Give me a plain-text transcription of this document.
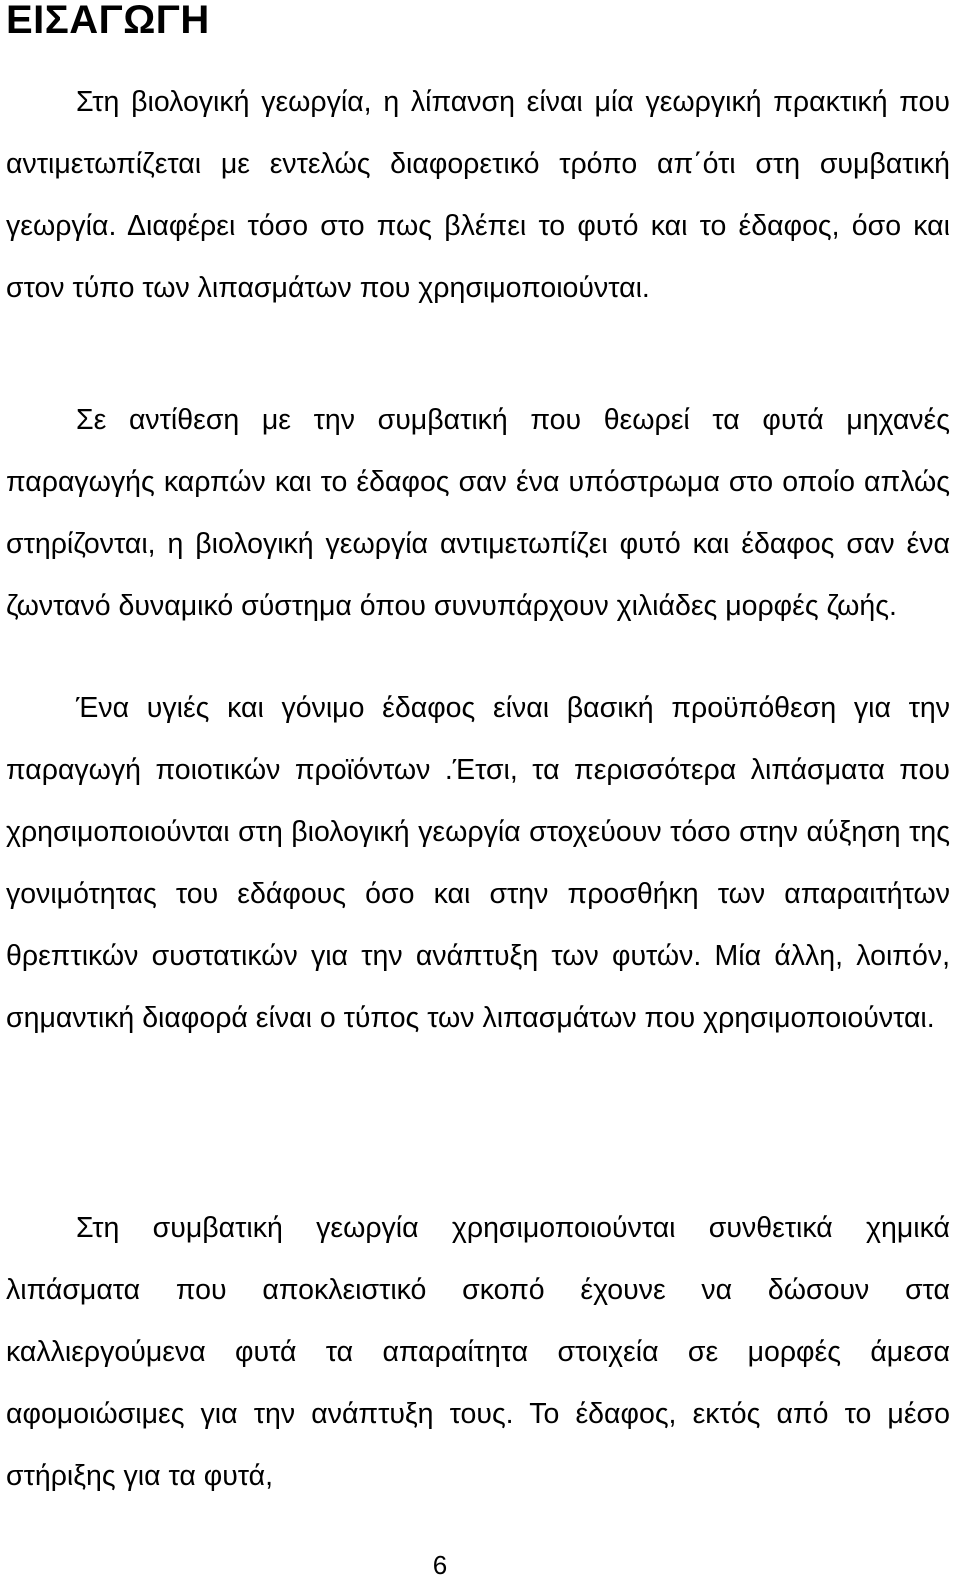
ΕΙΣΑΓΩΓΗ

Στη βιολογική γεωργία, η λίπανση είναι μία γεωργική πρακτική που αντιμετωπίζεται με εντελώς διαφορετικό τρόπο απ΄ότι στη συμβατική γεωργία. Διαφέρει τόσο στο πως βλέπει το φυτό και το έδαφος, όσο και στον τύπο των λιπασμάτων που χρησιμοποιούνται.

Σε αντίθεση με την συμβατική που θεωρεί τα φυτά μηχανές παραγωγής καρπών και το έδαφος σαν ένα υπόστρωμα στο οποίο απλώς στηρίζονται, η βιολογική γεωργία αντιμετωπίζει φυτό και έδαφος σαν ένα ζωντανό δυναμικό σύστημα όπου συνυπάρχουν χιλιάδες μορφές ζωής.

Ένα υγιές και γόνιμο έδαφος είναι βασική προϋπόθεση για την παραγωγή ποιοτικών προϊόντων .Έτσι, τα περισσότερα λιπάσματα που χρησιμοποιούνται στη βιολογική γεωργία στοχεύουν τόσο στην αύξηση της γονιμότητας του εδάφους όσο και στην προσθήκη των απαραιτήτων θρεπτικών συστατικών για την ανάπτυξη των φυτών. Μία άλλη, λοιπόν, σημαντική διαφορά είναι ο τύπος των λιπασμάτων που χρησιμοποιούνται.

Στη συμβατική γεωργία χρησιμοποιούνται συνθετικά χημικά λιπάσματα που αποκλειστικό σκοπό έχουνε να δώσουν στα καλλιεργούμενα φυτά τα απαραίτητα στοιχεία σε μορφές άμεσα αφομοιώσιμες για την ανάπτυξη τους. Το έδαφος, εκτός από το μέσο στήριξης για τα φυτά,

6
